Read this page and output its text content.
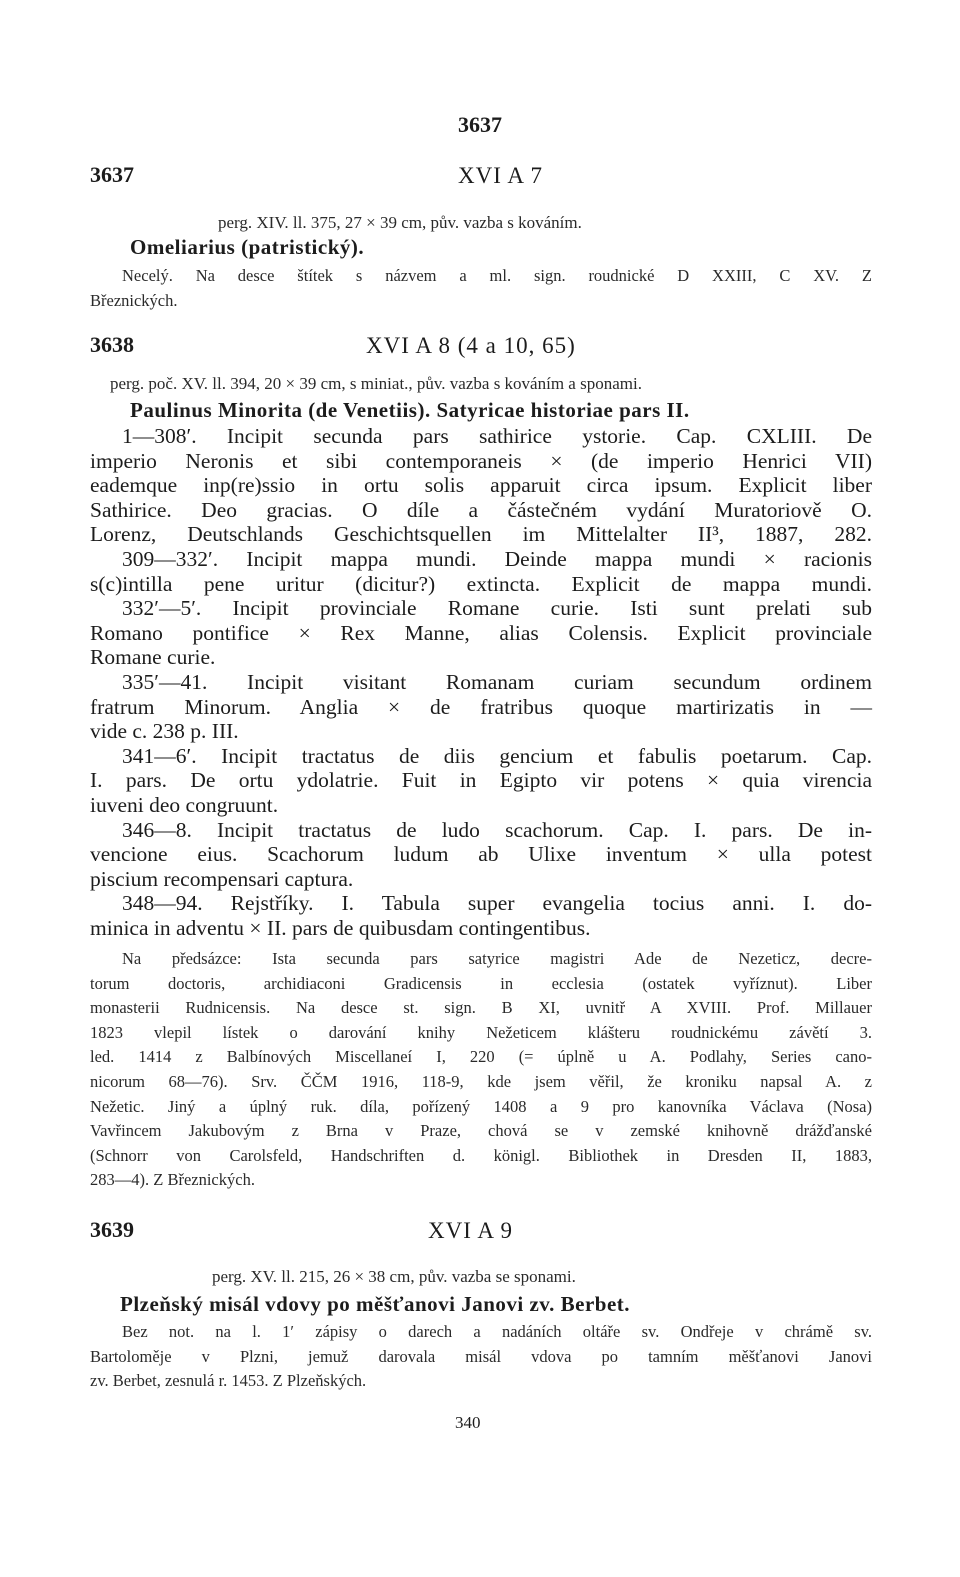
3637
3637	XVI A 7
perg. XIV. ll. 375, 27 × 39 cm, pův. vazba s kováním.
Omeliarius (patristický).
Necelý. Na desce štítek s názvem a ml. sign. roudnické D XXIII, C XV. Z
Březnických.
3638	XVI A 8 (4 a 10, 65)
perg. poč. XV. ll. 394, 20 × 39 cm, s miniat., pův. vazba s kováním a sponami.
Paulinus Minorita (de Venetiis). Satyricae historiae pars II.
1—308′. Incipit secunda pars sathirice ystorie. Cap. CXLIII. De
imperio Neronis et sibi contemporaneis × (de imperio Henrici VII)
eademque inp(re)ssio in ortu solis apparuit circa ipsum. Explicit liber
Sathirice. Deo gracias. O díle a částečném vydání Muratoriově O.
Lorenz, Deutschlands Geschichtsquellen im Mittelalter II³, 1887, 282.
309—332′. Incipit mappa mundi. Deinde mappa mundi × racionis
s(c)intilla pene uritur (dicitur?) extincta. Explicit de mappa mundi.
332′—5′. Incipit provinciale Romane curie. Isti sunt prelati sub
Romano pontifice × Rex Manne, alias Colensis. Explicit provinciale
Romane curie.
335′—41. Incipit visitant Romanam curiam secundum ordinem
fratrum Minorum. Anglia × de fratribus quoque martirizatis in —
vide c. 238 p. III.
341—6′. Incipit tractatus de diis gencium et fabulis poetarum. Cap.
I. pars. De ortu ydolatrie. Fuit in Egipto vir potens × quia virencia
iuveni deo congruunt.
346—8. Incipit tractatus de ludo scachorum. Cap. I. pars. De in-
vencione eius. Scachorum ludum ab Ulixe inventum × ulla potest
piscium recompensari captura.
348—94. Rejstříky. I. Tabula super evangelia tocius anni. I. do-
minica in adventu × II. pars de quibusdam contingentibus.
Na předsázce: Ista secunda pars satyrice magistri Ade de Nezeticz, decre-
torum doctoris, archidiaconi Gradicensis in ecclesia (ostatek vyříznut). Liber
monasterii Rudnicensis. Na desce st. sign. B XI, uvnitř A XVIII. Prof. Millauer
1823 vlepil lístek o darování knihy Nežeticem klášteru roudnickému závětí 3.
led. 1414 z Balbínových Miscellaneí I, 220 (= úplně u A. Podlahy, Series cano-
nicorum 68—76). Srv. ČČM 1916, 118-9, kde jsem věřil, že kroniku napsal A. z
Nežetic. Jiný a úplný ruk. díla, pořízený 1408 a 9 pro kanovníka Václava (Nosa)
Vavřincem Jakubovým z Brna v Praze, chová se v zemské knihovně drážďanské
(Schnorr von Carolsfeld, Handschriften d. königl. Bibliothek in Dresden II, 1883,
283—4). Z Březnických.
3639	XVI A 9
perg. XV. ll. 215, 26 × 38 cm, pův. vazba se sponami.
Plzeňský misál vdovy po měšťanovi Janovi zv. Berbet.
Bez not. na l. 1′ zápisy o darech a nadáních oltáře sv. Ondřeje v chrámě sv.
Bartoloměje v Plzni, jemuž darovala misál vdova po tamním měšťanovi Janovi
zv. Berbet, zesnulá r. 1453. Z Plzeňských.
340
